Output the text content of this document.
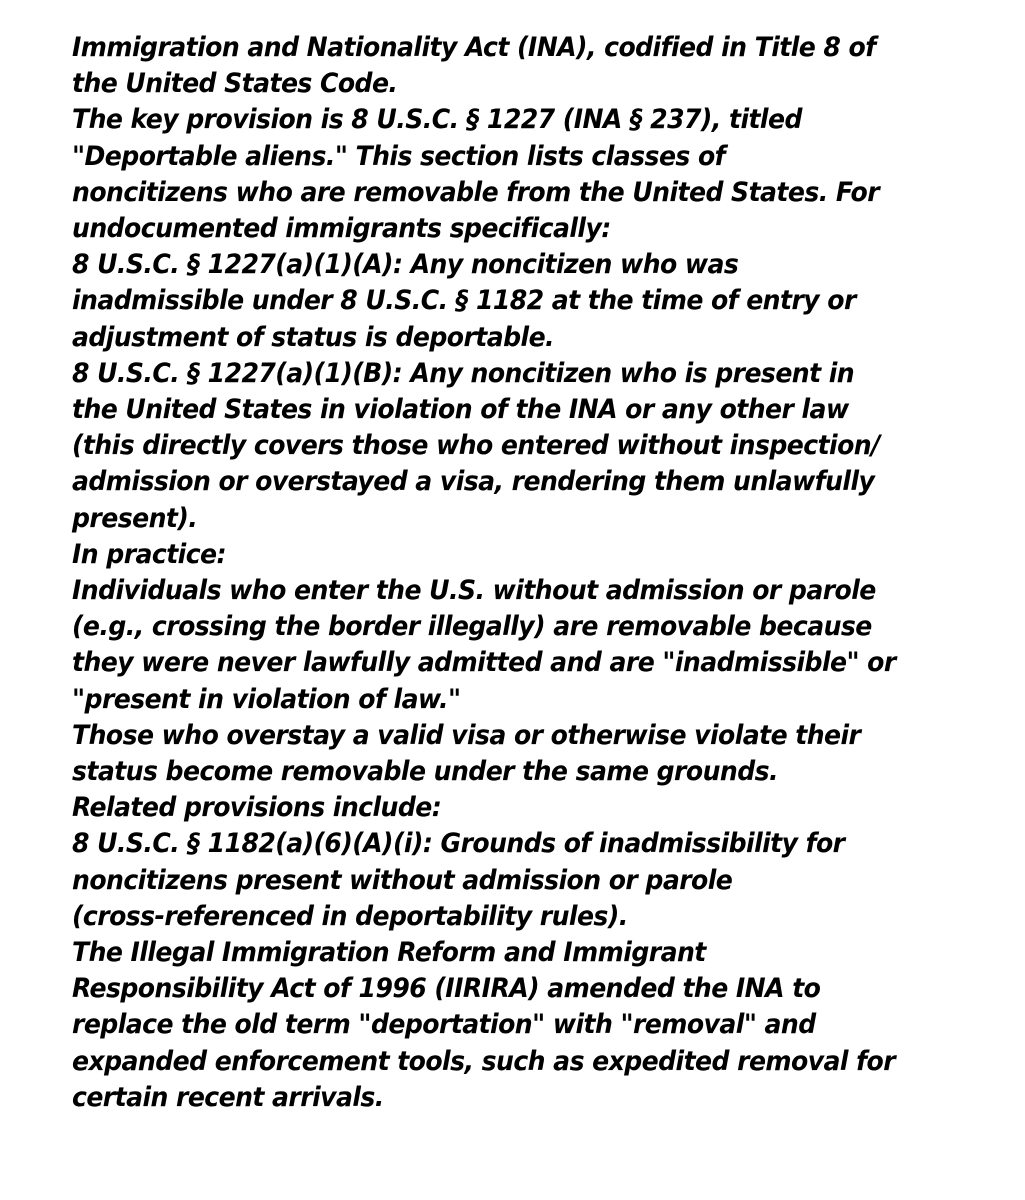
Immigration and Nationality Act (INA), codified in Title 8 of
the United States Code.
The key provision is 8 U.S.C. § 1227 (INA § 237), titled
"Deportable aliens." This section lists classes of
noncitizens who are removable from the United States. For
undocumented immigrants specifically:
8 U.S.C. § 1227(a)(1)(A): Any noncitizen who was
inadmissible under 8 U.S.C. § 1182 at the time of entry or
adjustment of status is deportable.
8 U.S.C. § 1227(a)(1)(B): Any noncitizen who is present in
the United States in violation of the INA or any other law
(this directly covers those who entered without inspection/
admission or overstayed a visa, rendering them unlawfully
present).
In practice:
Individuals who enter the U.S. without admission or parole
(e.g., crossing the border illegally) are removable because
they were never lawfully admitted and are "inadmissible" or
"present in violation of law."
Those who overstay a valid visa or otherwise violate their
status become removable under the same grounds.
Related provisions include:
8 U.S.C. § 1182(a)(6)(A)(i): Grounds of inadmissibility for
noncitizens present without admission or parole
(cross-referenced in deportability rules).
The Illegal Immigration Reform and Immigrant
Responsibility Act of 1996 (IIRIRA) amended the INA to
replace the old term "deportation" with "removal" and
expanded enforcement tools, such as expedited removal for
certain recent arrivals.
